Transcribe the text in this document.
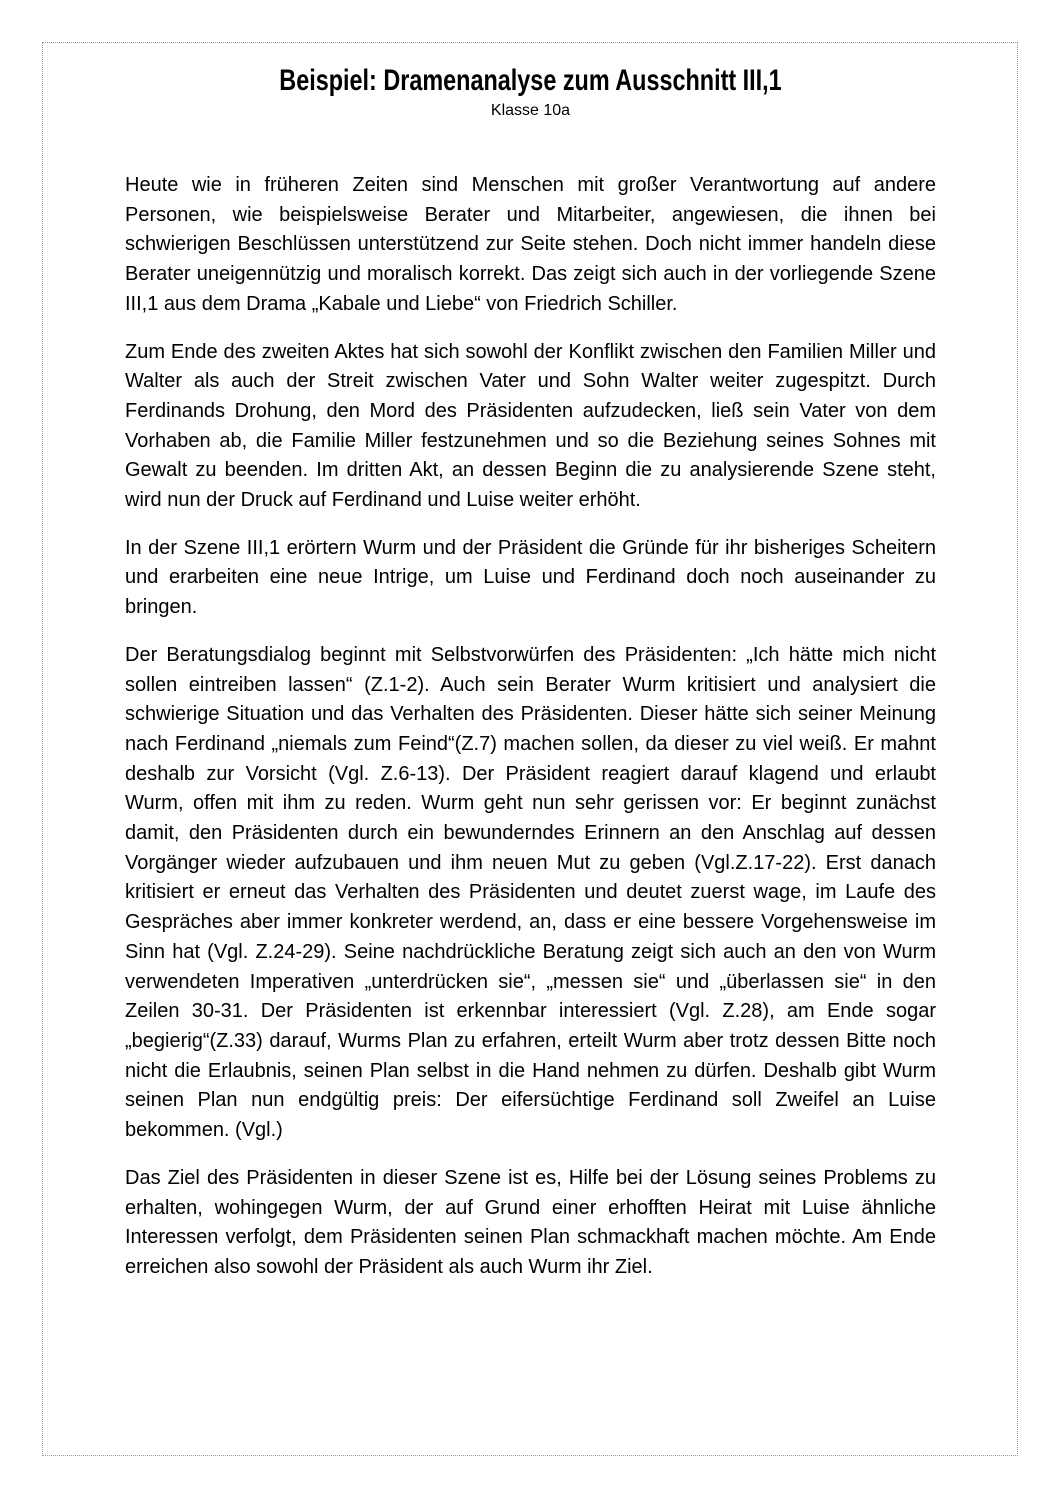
Beispiel: Dramenanalyse zum Ausschnitt III,1
Klasse 10a

Heute wie in früheren Zeiten sind Menschen mit großer Verantwortung auf andere Personen, wie beispielsweise Berater und Mitarbeiter, angewiesen, die ihnen bei schwierigen Beschlüssen unterstützend zur Seite stehen. Doch nicht immer handeln diese Berater uneigennützig und moralisch korrekt. Das zeigt sich auch in der vorliegende Szene III,1 aus dem Drama „Kabale und Liebe“ von Friedrich Schiller.

Zum Ende des zweiten Aktes hat sich sowohl der Konflikt zwischen den Familien Miller und Walter als auch der Streit zwischen Vater und Sohn Walter weiter zugespitzt. Durch Ferdinands Drohung, den Mord des Präsidenten aufzudecken, ließ sein Vater von dem Vorhaben ab, die Familie Miller festzunehmen und so die Beziehung seines Sohnes mit Gewalt zu beenden. Im dritten Akt, an dessen Beginn die zu analysierende Szene steht, wird nun der Druck auf Ferdinand und Luise weiter erhöht.

In der Szene III,1 erörtern Wurm und der Präsident die Gründe für ihr bisheriges Scheitern und erarbeiten eine neue Intrige, um Luise und Ferdinand doch noch auseinander zu bringen.

Der Beratungsdialog beginnt mit Selbstvorwürfen des Präsidenten: „Ich hätte mich nicht sollen eintreiben lassen“ (Z.1-2). Auch sein Berater Wurm kritisiert und analysiert die schwierige Situation und das Verhalten des Präsidenten. Dieser hätte sich seiner Meinung nach Ferdinand „niemals zum Feind“(Z.7) machen sollen, da dieser zu viel weiß. Er mahnt deshalb zur Vorsicht (Vgl. Z.6-13). Der Präsident reagiert darauf klagend und erlaubt Wurm, offen mit ihm zu reden. Wurm geht nun sehr gerissen vor: Er beginnt zunächst damit, den Präsidenten durch ein bewunderndes Erinnern an den Anschlag auf dessen Vorgänger wieder aufzubauen und ihm neuen Mut zu geben (Vgl.Z.17-22). Erst danach kritisiert er erneut das Verhalten des Präsidenten und deutet zuerst wage, im Laufe des Gespräches aber immer konkreter werdend, an, dass er eine bessere Vorgehensweise im Sinn hat (Vgl. Z.24-29). Seine nachdrückliche Beratung zeigt sich auch an den von Wurm verwendeten Imperativen „unterdrücken sie“, „messen sie“ und „überlassen sie“ in den Zeilen 30-31. Der Präsidenten ist erkennbar interessiert (Vgl. Z.28), am Ende sogar „begierig“(Z.33) darauf, Wurms Plan zu erfahren, erteilt Wurm aber trotz dessen Bitte noch nicht die Erlaubnis, seinen Plan selbst in die Hand nehmen zu dürfen. Deshalb gibt Wurm seinen Plan nun endgültig preis: Der eifersüchtige Ferdinand soll Zweifel an Luise bekommen. (Vgl.)

Das Ziel des Präsidenten in dieser Szene ist es, Hilfe bei der Lösung seines Problems zu erhalten, wohingegen Wurm, der auf Grund einer erhofften Heirat mit Luise ähnliche Interessen verfolgt, dem Präsidenten seinen Plan schmackhaft machen möchte. Am Ende erreichen also sowohl der Präsident als auch Wurm ihr Ziel.
